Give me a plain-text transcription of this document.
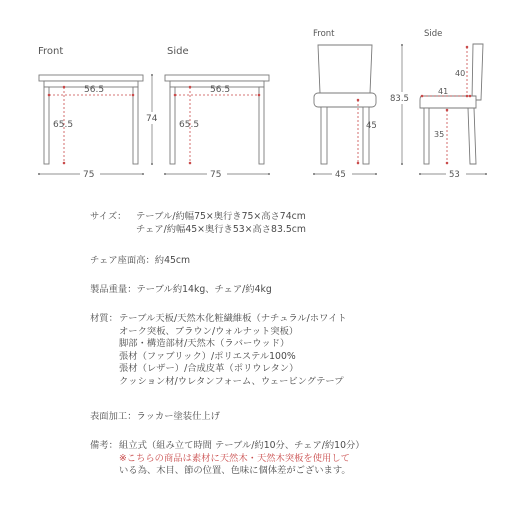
Front
56.5
65.5
75
Side
56.5
65.5
75
74
Front
45
45
83.5
Side
40
41
35
53
サイズ： テーブル/約幅75×奥行き75×高さ74cm
チェア/約幅45×奥行き53×高さ83.5cm
チェア座面高：約45cm
製品重量：テーブル約14kg、チェア/約4kg
材質：テーブル天板/天然木化粧繊維板（ナチュラル/ホワイト
オーク突板、ブラウン/ウォルナット突板）
脚部・構造部材/天然木（ラバーウッド）
張材（ファブリック）/ポリエステル100%
張材（レザー）/合成皮革（ポリウレタン）
クッション材/ウレタンフォーム、ウェービングテープ
表面加工：ラッカー塗装仕上げ
備考：組立式（組み立て時間 テーブル/約10分、チェア/約10分）
※こちらの商品は素材に天然木・天然木突板を使用して
いる為、木目、節の位置、色味に個体差がございます。
